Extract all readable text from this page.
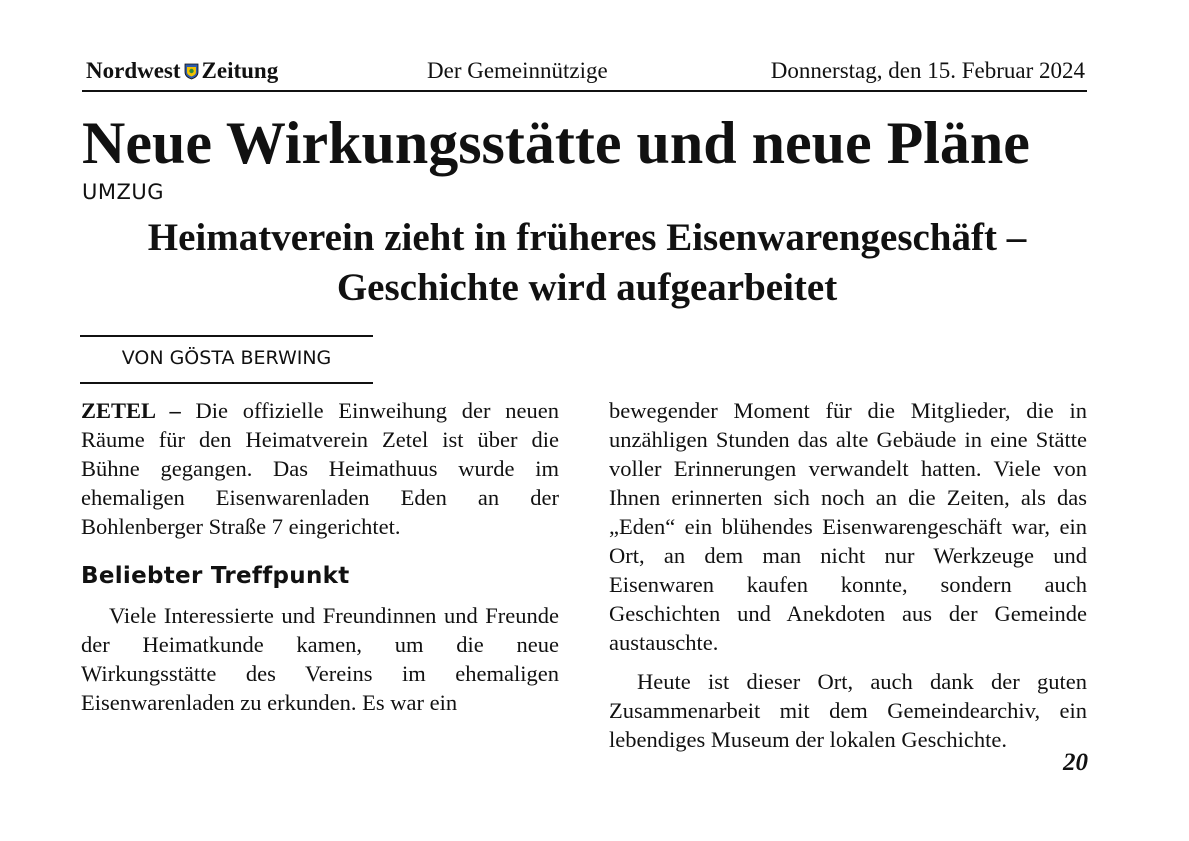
Nordwest Zeitung	Der Gemeinnützige	Donnerstag, den 15. Februar 2024
Neue Wirkungsstätte und neue Pläne
UMZUG
Heimatverein zieht in früheres Eisenwarengeschäft –
Geschichte wird aufgearbeitet
VON GÖSTA BERWING

ZETEL – Die offizielle Einweihung der neuen Räume für den Heimatverein Zetel ist über die Bühne gegangen. Das Heimathuus wurde im ehemaligen Eisenwarenladen Eden an der Bohlenberger Straße 7 eingerichtet.

Beliebter Treffpunkt

Viele Interessierte und Freundinnen und Freunde der Heimatkunde kamen, um die neue Wirkungsstätte des Vereins im ehemaligen Eisenwarenladen zu erkunden. Es war ein

bewegender Moment für die Mitglieder, die in unzähligen Stunden das alte Gebäude in eine Stätte voller Erinnerungen verwandelt hatten. Viele von Ihnen erinnerten sich noch an die Zeiten, als das „Eden“ ein blühendes Eisenwarengeschäft war, ein Ort, an dem man nicht nur Werkzeuge und Eisenwaren kaufen konnte, sondern auch Geschichten und Anekdoten aus der Gemeinde austauschte.

Heute ist dieser Ort, auch dank der guten Zusammenarbeit mit dem Gemeindearchiv, ein lebendiges Museum der lokalen Geschichte.

20
